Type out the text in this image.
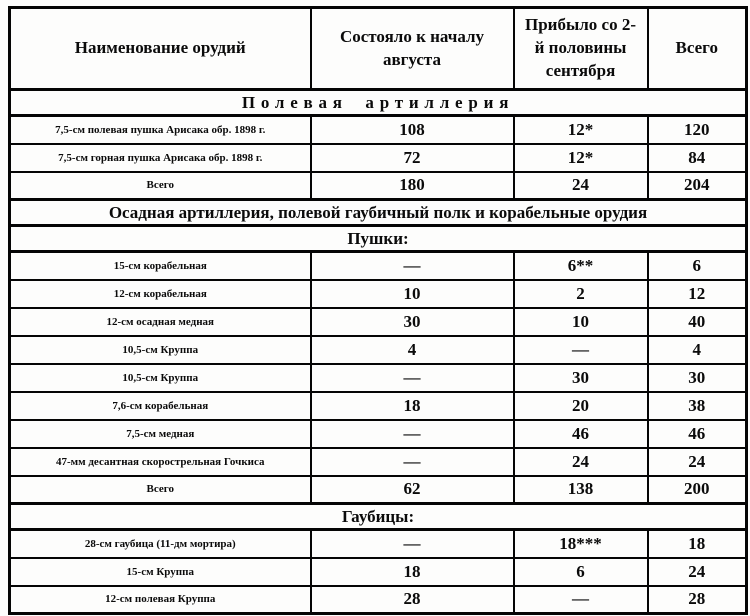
Наименование орудий	Состояло к началу августа	Прибыло со 2-й половины сентября	Всего
Полевая артиллерия			
7,5-см полевая пушка Арисака обр. 1898 г.	108	12*	120
7,5-см горная пушка Арисака обр. 1898 г.	72	12*	84
Всего	180	24	204
Осадная артиллерия, полевой гаубичный полк и корабельные орудия			
Пушки:			
15-см корабельная	—	6**	6
12-см корабельная	10	2	12
12-см осадная медная	30	10	40
10,5-см Круппа	4	—	4
10,5-см Круппа	—	30	30
7,6-см корабельная	18	20	38
7,5-см медная	—	46	46
47-мм десантная скорострельная Гочкиса	—	24	24
Всего	62	138	200
Гаубицы:			
28-см гаубица (11-дм мортира)	—	18***	18
15-см Круппа	18	6	24
12-см полевая Круппа	28	—	28
